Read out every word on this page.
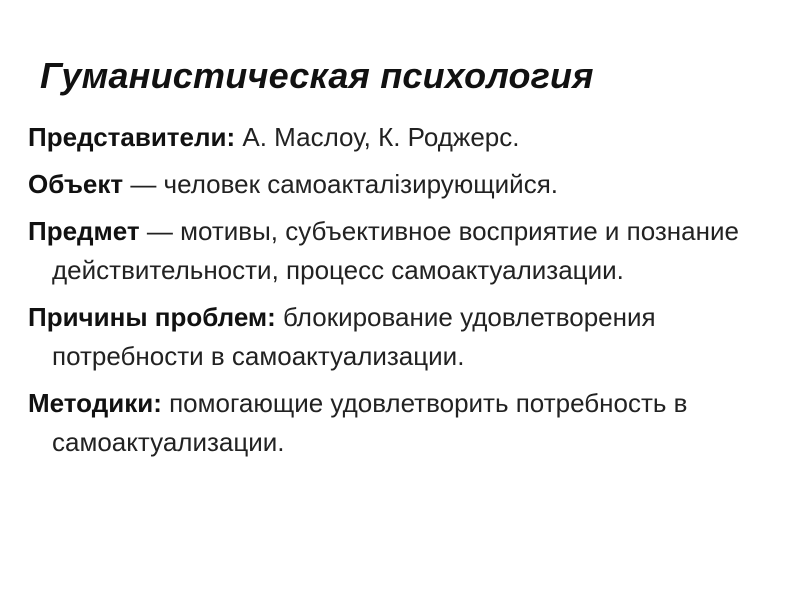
Гуманистическая психология

Представители: А. Маслоу, К. Роджерс.

Объект — человек самоакталізирующийся.

Предмет — мотивы, субъективное восприятие и познание действительности, процесс самоактуализации.

Причины проблем: блокирование удовлетворения потребности в самоактуализации.

Методики: помогающие удовлетворить потребность в самоактуализации.
